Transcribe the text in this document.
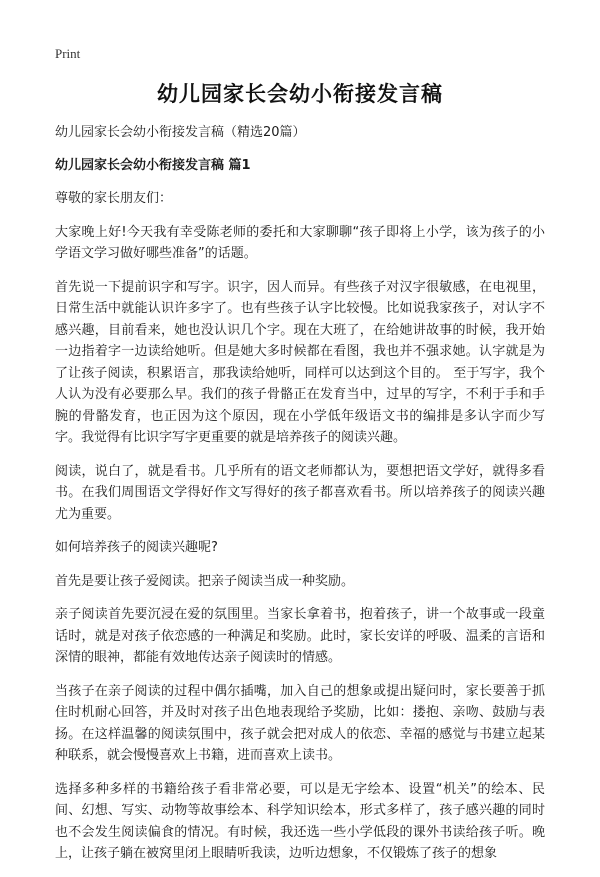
Print
幼儿园家长会幼小衔接发言稿

幼儿园家长会幼小衔接发言稿（精选20篇）

幼儿园家长会幼小衔接发言稿 篇1

尊敬的家长朋友们：

大家晚上好!今天我有幸受陈老师的委托和大家聊聊“孩子即将上小学，该为孩子的小学语文学习做好哪些准备”的话题。

首先说一下提前识字和写字。识字，因人而异。有些孩子对汉字很敏感，在电视里，日常生活中就能认识许多字了。也有些孩子认字比较慢。比如说我家孩子，对认字不感兴趣，目前看来，她也没认识几个字。现在大班了，在给她讲故事的时候，我开始一边指着字一边读给她听。但是她大多时候都在看图，我也并不强求她。认字就是为了让孩子阅读，积累语言，那我读给她听，同样可以达到这个目的。 至于写字，我个人认为没有必要那么早。我们的孩子骨骼正在发育当中，过早的写字，不利于手和手腕的骨骼发育，也正因为这个原因，现在小学低年级语文书的编排是多认字而少写字。我觉得有比识字写字更重要的就是培养孩子的阅读兴趣。

阅读，说白了，就是看书。几乎所有的语文老师都认为，要想把语文学好，就得多看书。在我们周围语文学得好作文写得好的孩子都喜欢看书。所以培养孩子的阅读兴趣尤为重要。

如何培养孩子的阅读兴趣呢?

首先是要让孩子爱阅读。把亲子阅读当成一种奖励。

亲子阅读首先要沉浸在爱的氛围里。当家长拿着书，抱着孩子，讲一个故事或一段童话时，就是对孩子依恋感的一种满足和奖励。此时，家长安详的呼吸、温柔的言语和深情的眼神，都能有效地传达亲子阅读时的情感。

当孩子在亲子阅读的过程中偶尔插嘴，加入自己的想象或提出疑问时，家长要善于抓住时机耐心回答，并及时对孩子出色地表现给予奖励，比如：搂抱、亲吻、鼓励与表扬。在这样温馨的阅读氛围中，孩子就会把对成人的依恋、幸福的感觉与书建立起某种联系，就会慢慢喜欢上书籍，进而喜欢上读书。

选择多种多样的书籍给孩子看非常必要，可以是无字绘本、设置“机关”的绘本、民间、幻想、写实、动物等故事绘本、科学知识绘本，形式多样了，孩子感兴趣的同时也不会发生阅读偏食的情况。有时候，我还选一些小学低段的课外书读给孩子听。晚上，让孩子躺在被窝里闭上眼睛听我读，边听边想象，不仅锻炼了孩子的想象
